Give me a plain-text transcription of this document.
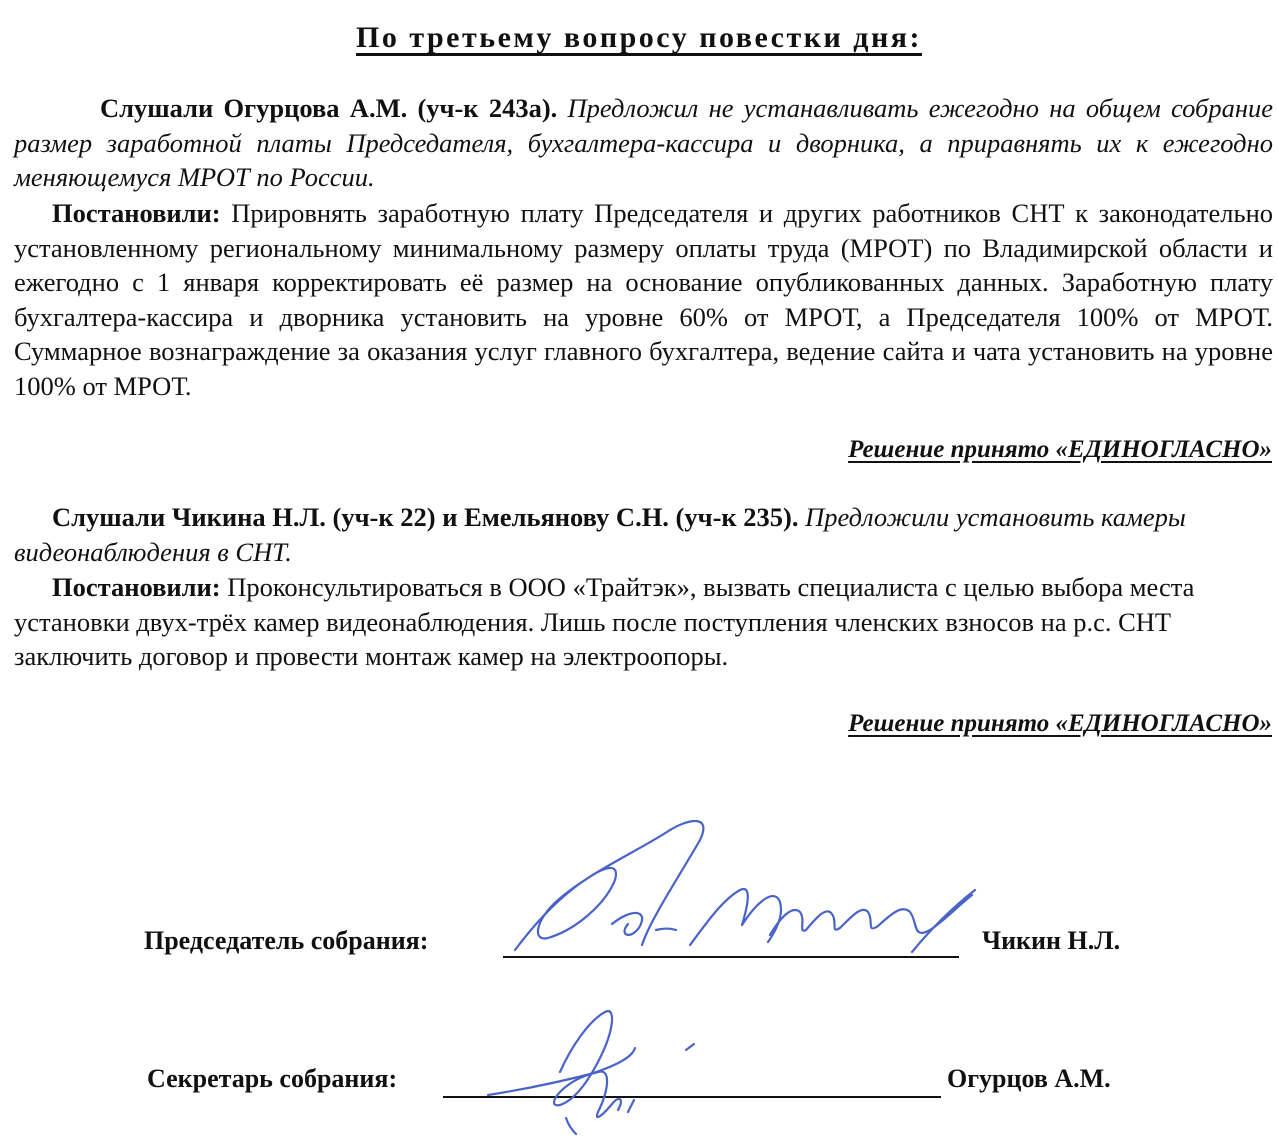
По третьему вопросу повестки дня:

Слушали Огурцова А.М. (уч-к 243а). Предложил не устанавливать ежегодно на общем собрание размер заработной платы Председателя, бухгалтера-кассира и дворника, а приравнять их к ежегодно меняющемуся МРОТ по России.

Постановили: Прировнять заработную плату Председателя и других работников СНТ к законодательно установленному региональному минимальному размеру оплаты труда (МРОТ) по Владимирской области и ежегодно с 1 января корректировать её размер на основание опубликованных данных. Заработную плату бухгалтера-кассира и дворника установить на уровне 60% от МРОТ, а Председателя 100% от МРОТ. Суммарное вознаграждение за оказания услуг главного бухгалтера, ведение сайта и чата установить на уровне 100% от МРОТ.

Решение принято «ЕДИНОГЛАСНО»

Слушали Чикина Н.Л. (уч-к 22) и Емельянову С.Н. (уч-к 235). Предложили установить камеры видеонаблюдения в СНТ.

Постановили: Проконсультироваться в ООО «Трайтэк», вызвать специалиста с целью выбора места установки двух-трёх камер видеонаблюдения. Лишь после поступления членских взносов на р.с. СНТ заключить договор и провести монтаж камер на электроопоры.

Решение принято «ЕДИНОГЛАСНО»
Председатель собрания:	Чикин Н.Л.
Секретарь собрания:	Огурцов А.М.
